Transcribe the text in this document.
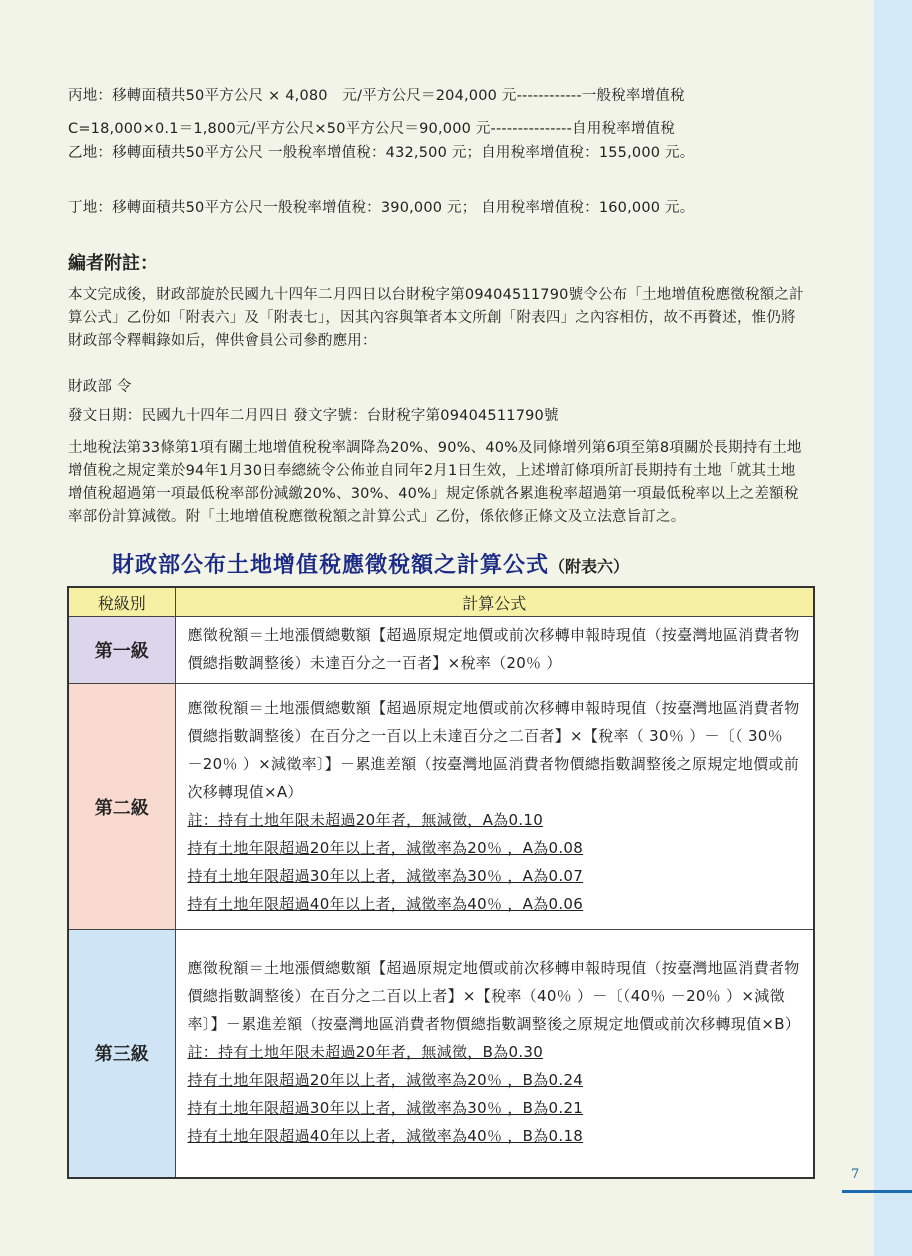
丙地：移轉面積共50平方公尺 × 4,080　元/平方公尺＝204,000 元------------一般稅率增值稅
C=18,000×0.1＝1,800元/平方公尺×50平方公尺＝90,000 元---------------自用稅率增值稅
乙地：移轉面積共50平方公尺 一般稅率增值稅：432,500 元；自用稅率增值稅：155,000 元。
丁地：移轉面積共50平方公尺一般稅率增值稅：390,000 元； 自用稅率增值稅：160,000 元。
編者附註：
本文完成後，財政部旋於民國九十四年二月四日以台財稅字第09404511790號令公布「土地增值稅應徵稅額之計算公式」乙份如「附表六」及「附表七」，因其內容與筆者本文所創「附表四」之內容相仿，故不再贅述，惟仍將財政部令釋輯錄如后，俾供會員公司參酌應用：
財政部 令
發文日期：民國九十四年二月四日 發文字號：台財稅字第09404511790號
土地稅法第33條第1項有關土地增值稅稅率調降為20%、90%、40%及同條增列第6項至第8項關於長期持有土地增值稅之規定業於94年1月30日奉總統令公佈並自同年2月1日生效，上述增訂條項所訂長期持有土地「就其土地增值稅超過第一項最低稅率部份減繳20%、30%、40%」規定係就各累進稅率超過第一項最低稅率以上之差額稅率部份計算減徵。附「土地增值稅應徵稅額之計算公式」乙份，係依修正條文及立法意旨訂之。
財政部公布土地增值稅應徵稅額之計算公式（附表六）
稅級別	計算公式
第一級	應徵稅額＝土地漲價總數額【超過原規定地價或前次移轉申報時現值（按臺灣地區消費者物價總指數調整後）未達百分之一百者】×稅率（20％ ）

第二級	應徵稅額＝土地漲價總數額【超過原規定地價或前次移轉申報時現值（按臺灣地區消費者物價總指數調整後）在百分之一百以上未達百分之二百者】×【稅率（ 30％ ）－〔（ 30％ －20％ ）×減徵率〕】－累進差額（按臺灣地區消費者物價總指數調整後之原規定地價或前次移轉現值×A）

註：持有土地年限未超過20年者，無減徵，A為0.10

持有土地年限超過20年以上者，減徵率為20％ ，A為0.08

持有土地年限超過30年以上者，減徵率為30％ ，A為0.07

持有土地年限超過40年以上者，減徵率為40％ ，A為0.06

第三級	應徵稅額＝土地漲價總數額【超過原規定地價或前次移轉申報時現值（按臺灣地區消費者物價總指數調整後）在百分之二百以上者】×【稅率（40％ ）－〔（40％ －20％ ）×減徵率〕】－累進差額（按臺灣地區消費者物價總指數調整後之原規定地價或前次移轉現值×B）

註：持有土地年限未超過20年者，無減徵，B為0.30

持有土地年限超過20年以上者，減徵率為20％ ，B為0.24

持有土地年限超過30年以上者，減徵率為30％ ，B為0.21

持有土地年限超過40年以上者，減徵率為40％ ，B為0.18

7
